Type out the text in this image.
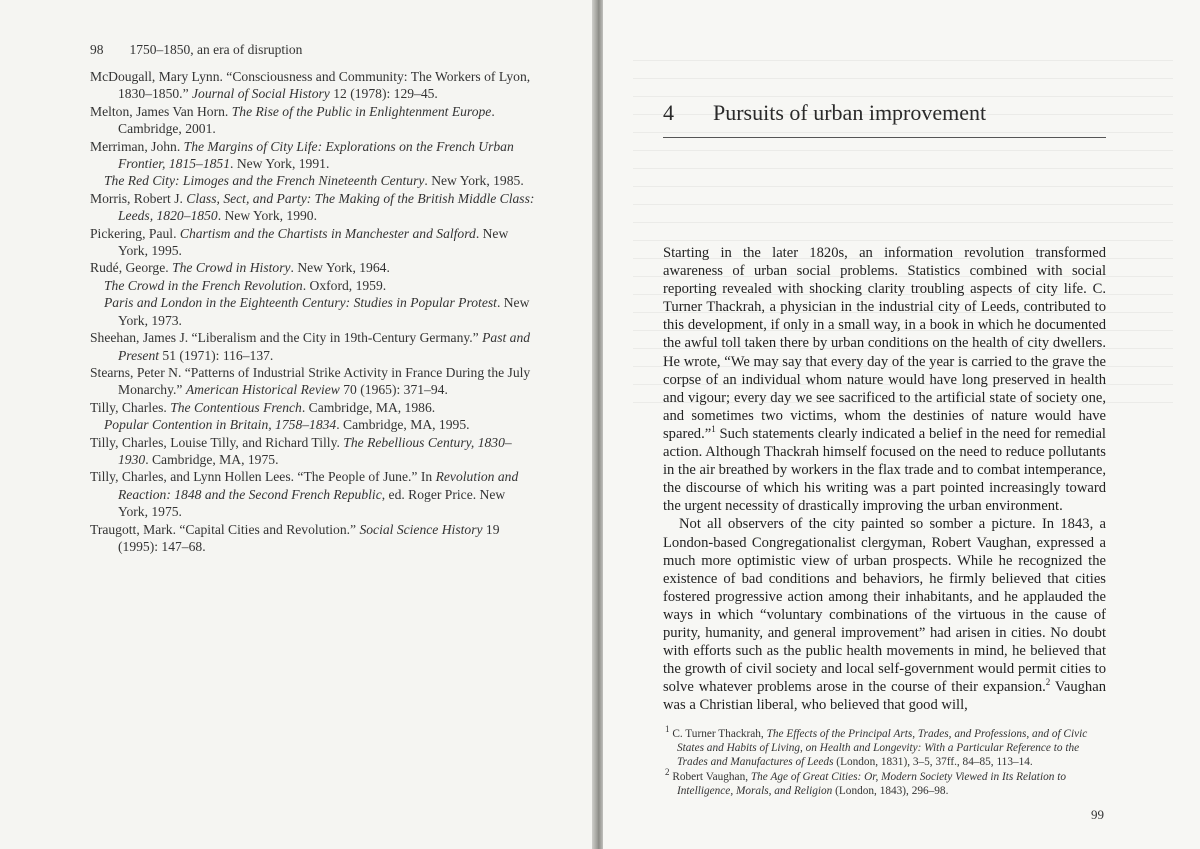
98 1750–1850, an era of disruption

McDougall, Mary Lynn. “Consciousness and Community: The Workers of Lyon, 1830–1850.” Journal of Social History 12 (1978): 129–45.

Melton, James Van Horn. The Rise of the Public in Enlightenment Europe. Cambridge, 2001.

Merriman, John. The Margins of City Life: Explorations on the French Urban Frontier, 1815–1851. New York, 1991.

The Red City: Limoges and the French Nineteenth Century. New York, 1985.

Morris, Robert J. Class, Sect, and Party: The Making of the British Middle Class: Leeds, 1820–1850. New York, 1990.

Pickering, Paul. Chartism and the Chartists in Manchester and Salford. New York, 1995.

Rudé, George. The Crowd in History. New York, 1964.

The Crowd in the French Revolution. Oxford, 1959.

Paris and London in the Eighteenth Century: Studies in Popular Protest. New York, 1973.

Sheehan, James J. “Liberalism and the City in 19th-Century Germany.” Past and Present 51 (1971): 116–137.

Stearns, Peter N. “Patterns of Industrial Strike Activity in France During the July Monarchy.” American Historical Review 70 (1965): 371–94.

Tilly, Charles. The Contentious French. Cambridge, MA, 1986.

Popular Contention in Britain, 1758–1834. Cambridge, MA, 1995.

Tilly, Charles, Louise Tilly, and Richard Tilly. The Rebellious Century, 1830–1930. Cambridge, MA, 1975.

Tilly, Charles, and Lynn Hollen Lees. “The People of June.” In Revolution and Reaction: 1848 and the Second French Republic, ed. Roger Price. New York, 1975.

Traugott, Mark. “Capital Cities and Revolution.” Social Science History 19 (1995): 147–68.

4 Pursuits of urban improvement

Starting in the later 1820s, an information revolution transformed awareness of urban social problems. Statistics combined with social reporting revealed with shocking clarity troubling aspects of city life. C. Turner Thackrah, a physician in the industrial city of Leeds, contributed to this development, if only in a small way, in a book in which he documented the awful toll taken there by urban conditions on the health of city dwellers. He wrote, “We may say that every day of the year is carried to the grave the corpse of an individual whom nature would have long preserved in health and vigour; every day we see sacrificed to the artificial state of society one, and sometimes two victims, whom the destinies of nature would have spared.”$^1$ Such statements clearly indicated a belief in the need for remedial action. Although Thackrah himself focused on the need to reduce pollutants in the air breathed by workers in the flax trade and to combat intemperance, the discourse of which his writing was a part pointed increasingly toward the urgent necessity of drastically improving the urban environment.

Not all observers of the city painted so somber a picture. In 1843, a London-based Congregationalist clergyman, Robert Vaughan, expressed a much more optimistic view of urban prospects. While he recognized the existence of bad conditions and behaviors, he firmly believed that cities fostered progressive action among their inhabitants, and he applauded the ways in which “voluntary combinations of the virtuous in the cause of purity, humanity, and general improvement” had arisen in cities. No doubt with efforts such as the public health movements in mind, he believed that the growth of civil society and local self-government would permit cities to solve whatever problems arose in the course of their expansion.$^2$ Vaughan was a Christian liberal, who believed that good will,

$^1$ C. Turner Thackrah, The Effects of the Principal Arts, Trades, and Professions, and of Civic States and Habits of Living, on Health and Longevity: With a Particular Reference to the Trades and Manufactures of Leeds (London, 1831), 3–5, 37ff., 84–85, 113–14.

$^2$ Robert Vaughan, The Age of Great Cities: Or, Modern Society Viewed in Its Relation to Intelligence, Morals, and Religion (London, 1843), 296–98.

99
